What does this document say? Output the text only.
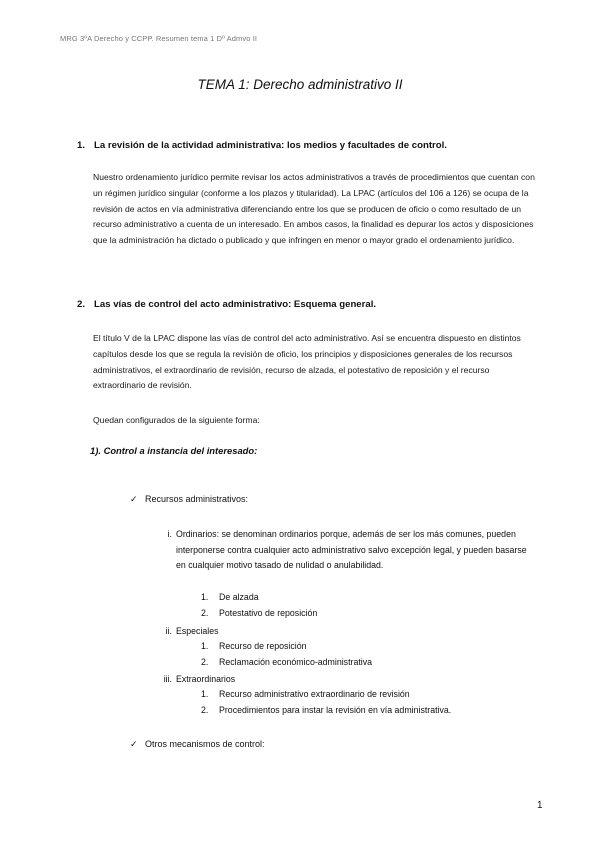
MRG 3ºA Derecho y CCPP. Resumen tema 1 Dº Admvo II
TEMA 1: Derecho administrativo II
1. La revisión de la actividad administrativa: los medios y facultades de control.
Nuestro ordenamiento jurídico permite revisar los actos administrativos a través de procedimientos que cuentan con un régimen jurídico singular (conforme a los plazos y titularidad). La LPAC (artículos del 106 a 126) se ocupa de la revisión de actos en vía administrativa diferenciando entre los que se producen de oficio o como resultado de un recurso administrativo a cuenta de un interesado. En ambos casos, la finalidad es depurar los actos y disposiciones que la administración ha dictado o publicado y que infringen en menor o mayor grado el ordenamiento jurídico.
2. Las vías de control del acto administrativo: Esquema general.
El título V de la LPAC dispone las vías de control del acto administrativo. Así se encuentra dispuesto en distintos capítulos desde los que se regula la revisión de oficio, los principios y disposiciones generales de los recursos administrativos, el extraordinario de revisión, recurso de alzada, el potestativo de reposición y el recurso extraordinario de revisión.
Quedan configurados de la siguiente forma:
1). Control a instancia del interesado:
✓ Recursos administrativos:
i. Ordinarios: se denominan ordinarios porque, además de ser los más comunes, pueden interponerse contra cualquier acto administrativo salvo excepción legal, y pueden basarse en cualquier motivo tasado de nulidad o anulabilidad.
1. De alzada
2. Potestativo de reposición
ii. Especiales
1. Recurso de reposición
2. Reclamación económico-administrativa
iii. Extraordinarios
1. Recurso administrativo extraordinario de revisión
2. Procedimientos para instar la revisión en vía administrativa.
✓ Otros mecanismos de control:
1
